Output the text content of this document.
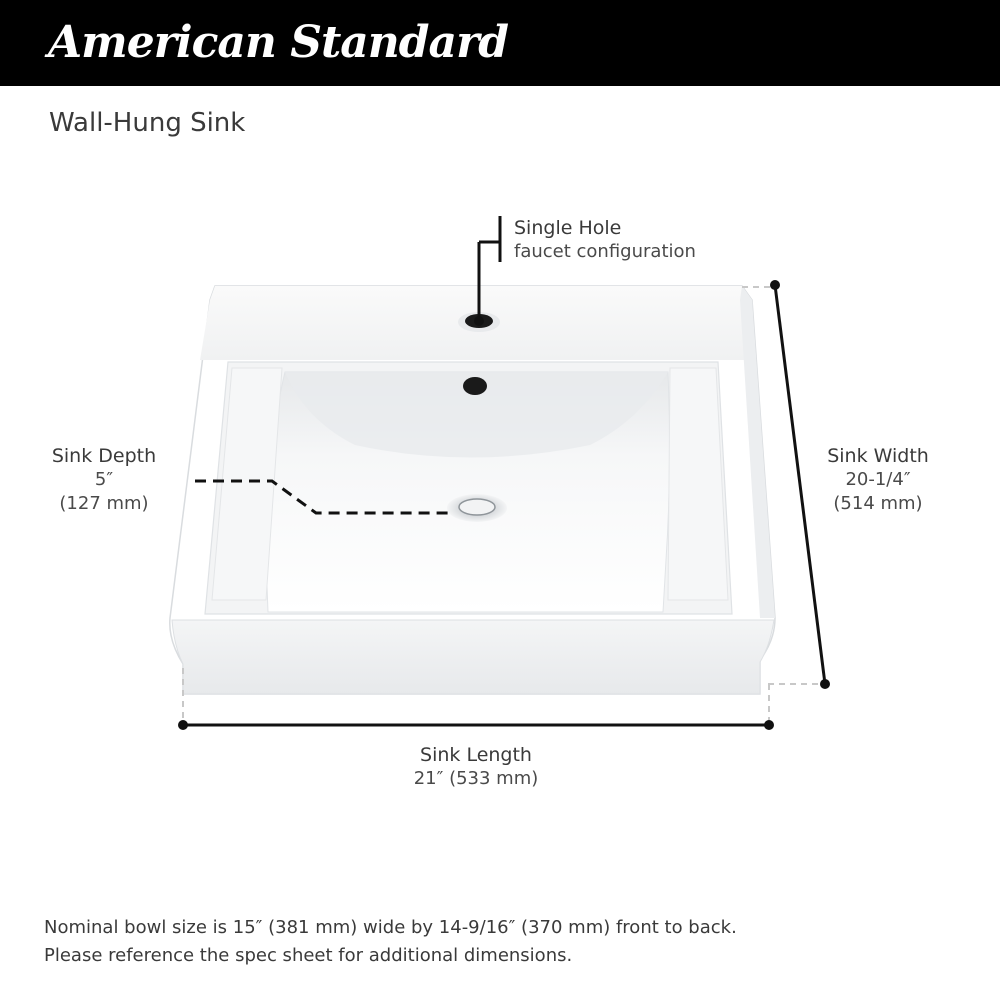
American Standard
Wall-Hung Sink
Single Hole
faucet configuration
Sink Depth
5″
(127 mm)
Sink Width
20-1/4″
(514 mm)
Sink Length
21″ (533 mm)
Nominal bowl size is 15″ (381 mm) wide by 14-9/16″ (370 mm) front to back.
Please reference the spec sheet for additional dimensions.
